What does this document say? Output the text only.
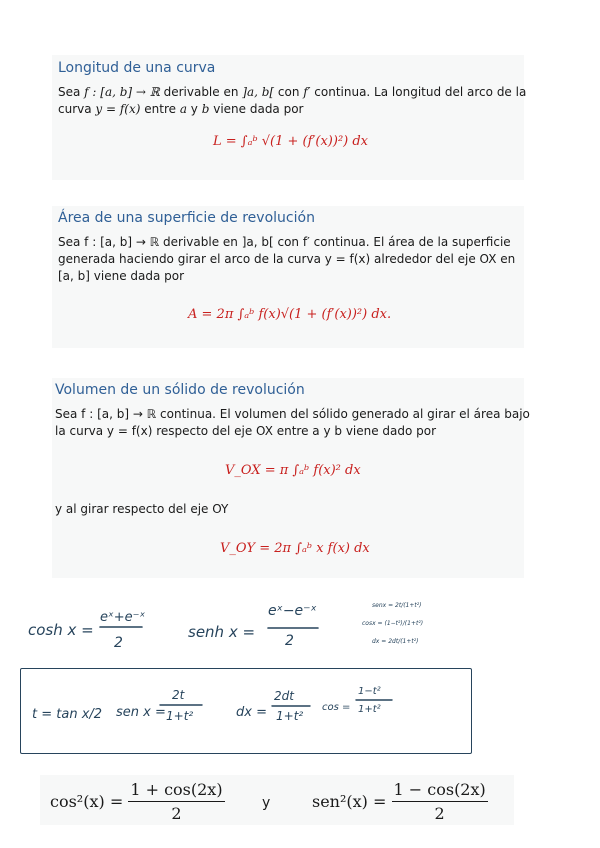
Longitud de una curva
Sea f : [a, b] → ℝ derivable en ]a, b[ con f′ continua. La longitud del arco de la
curva y = f(x) entre a y b viene dada por
L = ∫ₐᵇ √(1 + (f′(x))²) dx
Área de una superficie de revolución
Sea f : [a, b] → ℝ derivable en ]a, b[ con f′ continua. El área de la superficie
generada haciendo girar el arco de la curva y = f(x) alrededor del eje OX en
[a, b] viene dada por
A = 2π ∫ₐᵇ f(x)√(1 + (f′(x))²) dx.
Volumen de un sólido de revolución
Sea f : [a, b] → ℝ continua. El volumen del sólido generado al girar el área bajo
la curva y = f(x) respecto del eje OX entre a y b viene dado por
V_OX = π ∫ₐᵇ f(x)² dx
y al girar respecto del eje OY
V_OY = 2π ∫ₐᵇ x f(x) dx
cosh x =
eˣ+e⁻ˣ
2
senh x =
eˣ−e⁻ˣ
2
senx = 2t/(1+t²)
cosx = (1−t²)/(1+t²)
dx = 2dt/(1+t²)
t = tan x/2 sen x =
2t
1+t²	dx =
2dt
1+t²
cos =
1−t²
1+t²
$\cos^2(x) = \frac{1 + \cos(2x)}{2}$	y	$sen^2(x) = \frac{1 - \cos(2x)}{2}$
